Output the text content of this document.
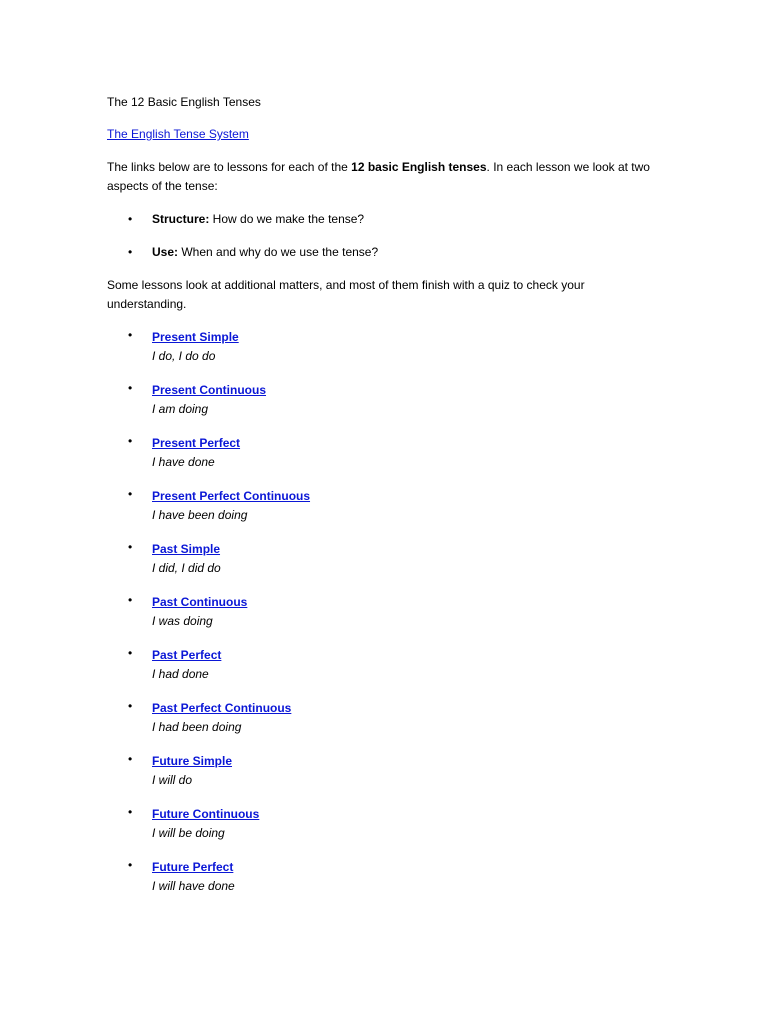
The 12 Basic English Tenses
The English Tense System

The links below are to lessons for each of the 12 basic English tenses. In each lesson we look at two aspects of the tense:

• Structure: How do we make the tense?
• Use: When and why do we use the tense?

Some lessons look at additional matters, and most of them finish with a quiz to check your understanding.

• Present Simple
I do, I do do
• Present Continuous
I am doing
• Present Perfect
I have done
• Present Perfect Continuous
I have been doing
• Past Simple
I did, I did do
• Past Continuous
I was doing
• Past Perfect
I had done
• Past Perfect Continuous
I had been doing
• Future Simple
I will do
• Future Continuous
I will be doing
• Future Perfect
I will have done
